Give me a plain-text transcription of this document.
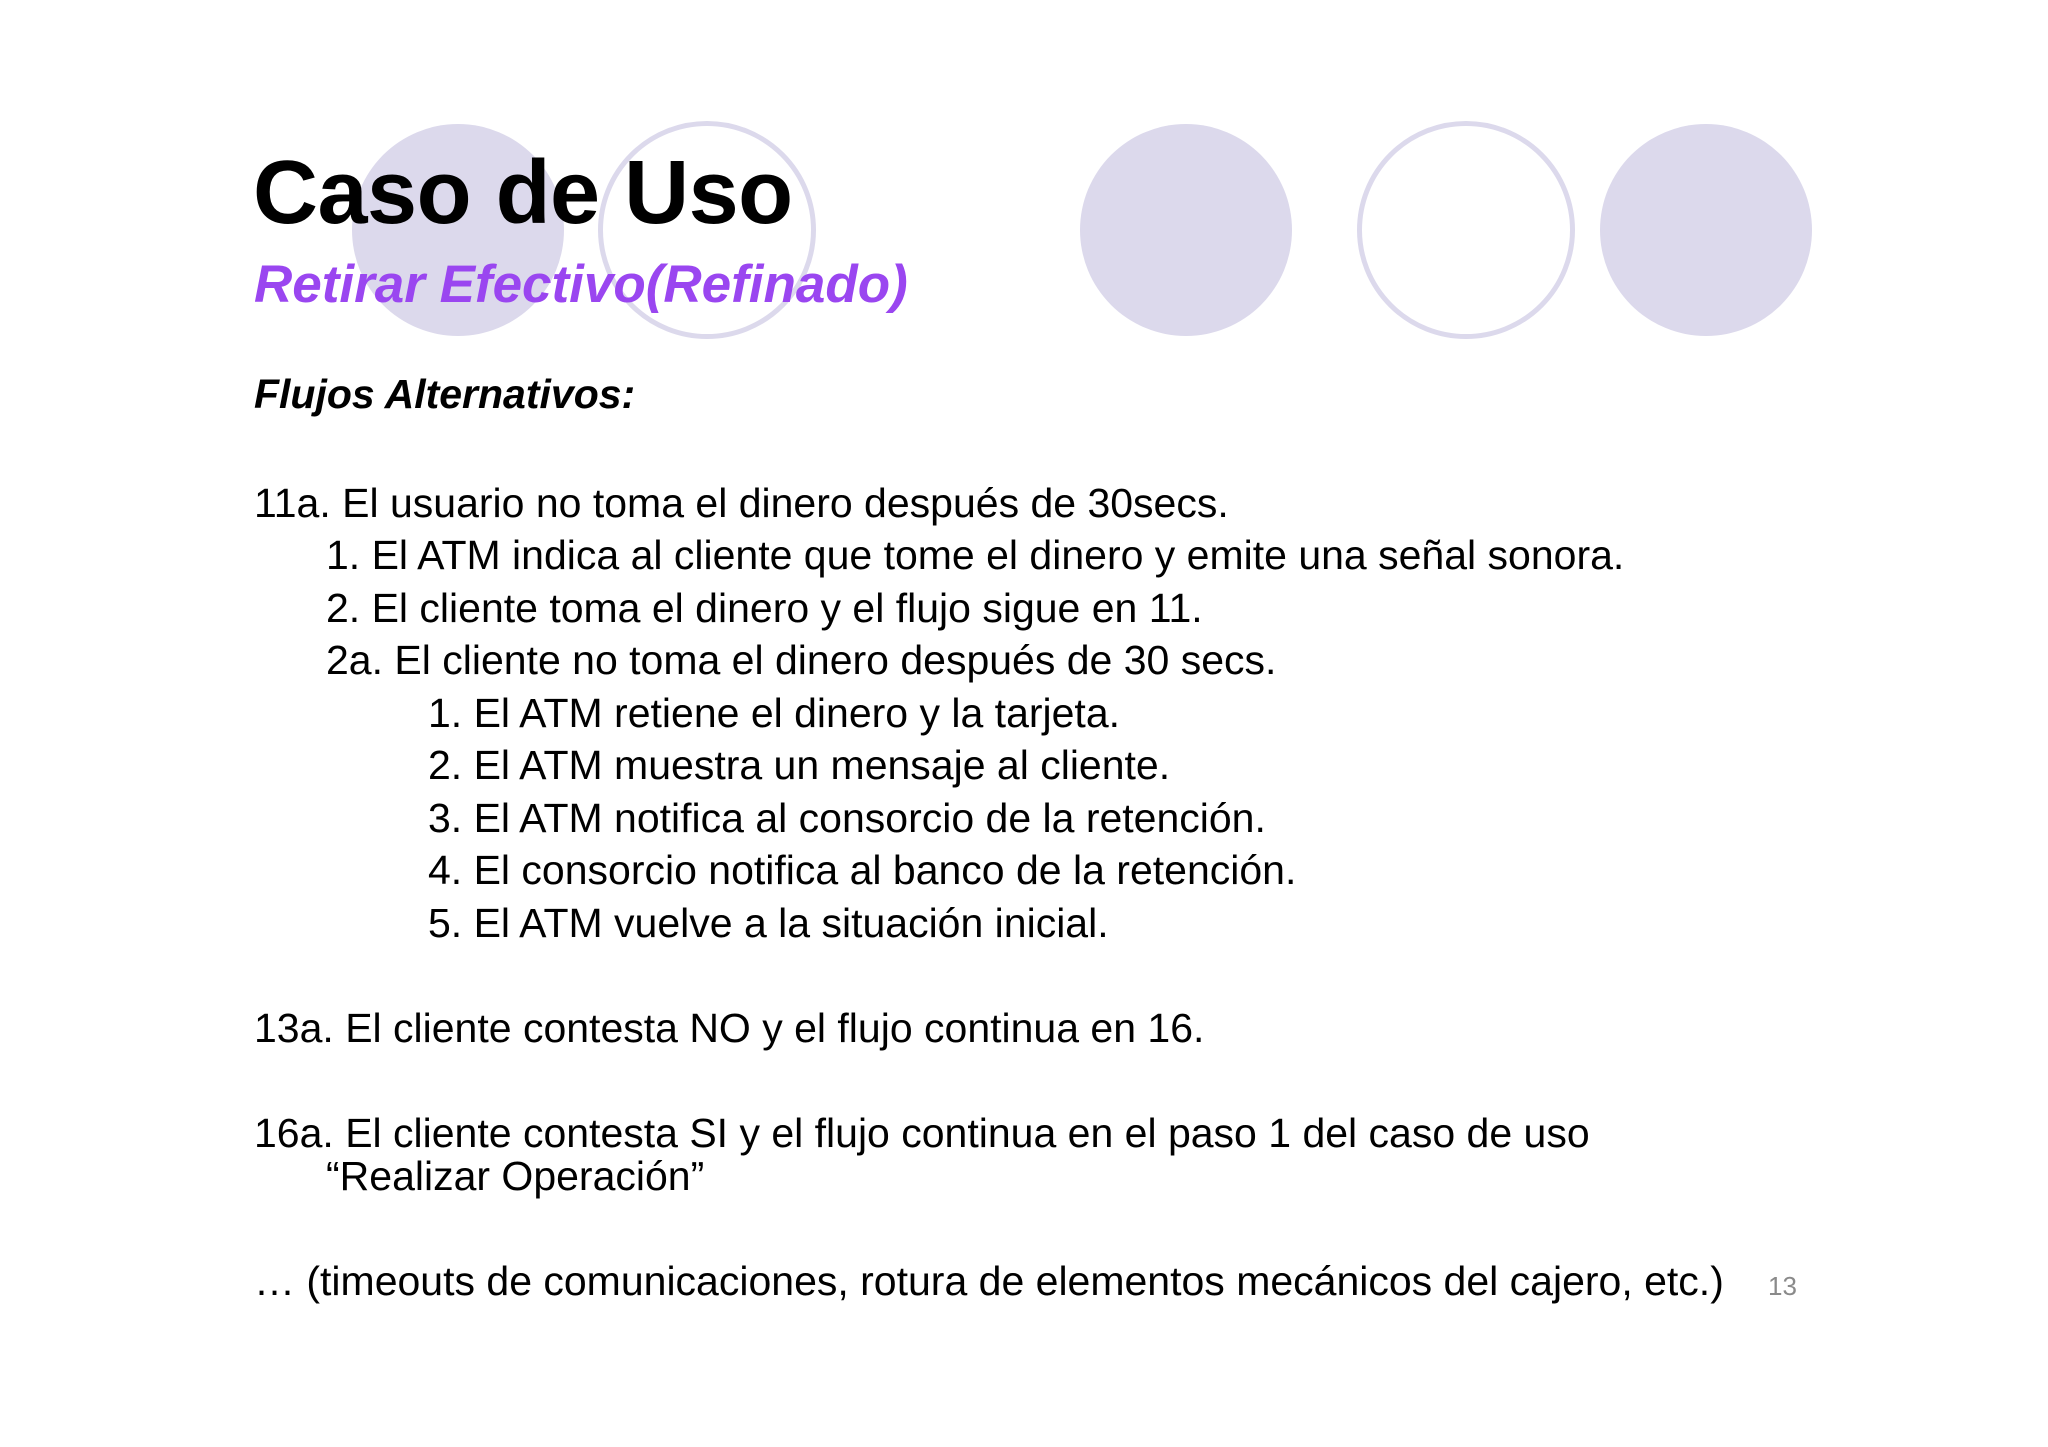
Caso de Uso
Retirar Efectivo(Refinado)
Flujos Alternativos:

11a. El usuario no toma el dinero después de 30secs.

1. El ATM indica al cliente que tome el dinero y emite una señal sonora.

2. El cliente toma el dinero y el flujo sigue en 11.

2a. El cliente no toma el dinero después de 30 secs.

1. El ATM retiene el dinero y la tarjeta.

2. El ATM muestra un mensaje al cliente.

3. El ATM notifica al consorcio de la retención.

4. El consorcio notifica al banco de la retención.

5. El ATM vuelve a la situación inicial.

13a. El cliente contesta NO y el flujo continua en 16.

16a. El cliente contesta SI y el flujo continua en el paso 1 del caso de uso

“Realizar Operación”

… (timeouts de comunicaciones, rotura de elementos mecánicos del cajero, etc.) 13
